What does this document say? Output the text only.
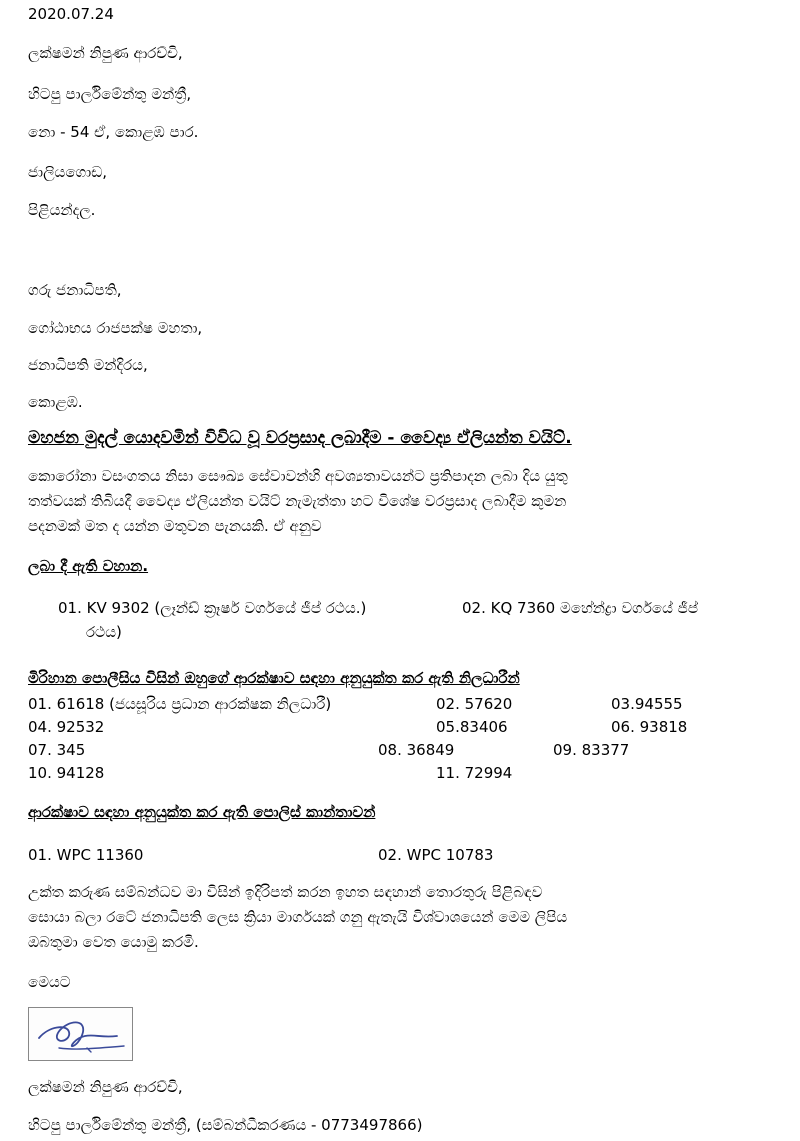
2020.07.24
ලක්ෂමන් නිපුණ ආරච්චි,
හිටපු පාර්ලිමේන්තු මන්ත්‍රී,
නො - 54 ඒ, කොළඹ පාර.
ජාලියගොඩ,
පිළියන්දල.
ගරු ජනාධිපති,
ගෝඨාභය රාජපක්ෂ මහතා,
ජනාධිපති මන්දිරය,
කොළඹ.
මහජන මුදල් යොදවමින් විවිධ වූ වරප්‍රසාද ලබාදීම - වෛද්‍ය ඒලියන්ත වයිට්.
කොරෝනා වසංගතය නිසා සෞඛ්‍ය සේවාවන්හි අවශ්‍යතාවයන්ට ප්‍රතිපාදන ලබා දිය යුතු
තත්වයක් තිබියදී වෛද්‍ය ඒලියන්ත වයිට් නැමැත්තා හට විශේෂ වරප්‍රසාද ලබාදීම කුමන
පදනමක් මත ද යන්න මතුවන පැනයකි. ඒ අනුව
ලබා දී ඇති වහාන.
01. KV 9302 (ලෑන්ඩ් ක්‍රෑෂර් වර්ගයේ ජීප් රථය.)	02. KQ 7360 මහේන්ද්‍රා වර්ගයේ ජීප්
රථය)
මිරිහාන පොලීසිය විසින් ඔහුගේ ආරක්ෂාව සඳහා අනුයුක්ත කර ඇති නිලධාරීන්
01. 61618 (ජයසූරිය ප්‍රධාන ආරක්ෂක නිලධාරී)	02. 57620	03.94555
04. 92532	05.83406	06. 93818
07. 345	08. 36849	09. 83377
10. 94128	11. 72994
ආරක්ෂාව සඳහා අනුයුක්ත කර ඇති පොලිස් කාන්තාවන්
01. WPC 11360	02. WPC 10783
උක්ත කරුණ සම්බන්ධව මා විසින් ඉදිරිපත් කරන ඉහත සඳහාන් තොරතුරු පිළිබඳව
සොයා බලා රටේ ජනාධිපති ලෙස ක්‍රියා මාර්ගයක් ගනු ඇතැයි විශ්වාශයෙන් මෙම ලිපිය
ඔබතුමා වෙත යොමු කරමි.
මෙයට
ලක්ෂමන් නිපුණ ආරච්චි,
හිටපු පාර්ලිමේන්තු මන්ත්‍රී, (සම්බන්ධීකරණය - 0773497866)
